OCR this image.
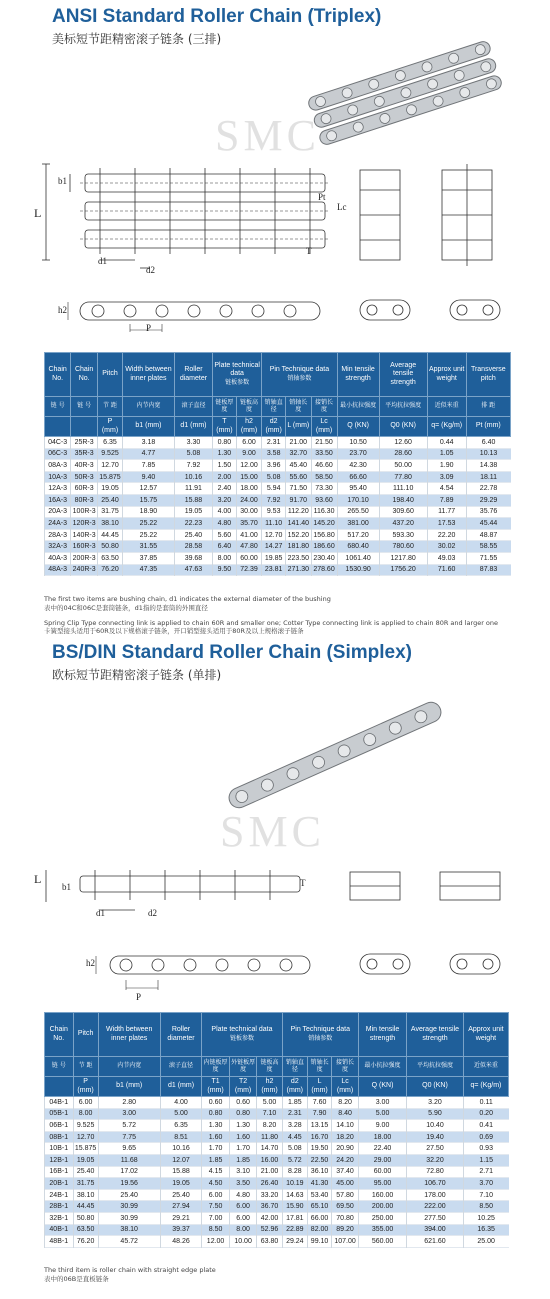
ANSI Standard Roller Chain (Triplex)
美标短节距精密滚子链条 (三排)
SMC
L
b1
d1
d2
Pt
T
Lc
h2
P
Chain No.	Chain No.	Pitch	Width between inner plates	Roller diameter	Plate technical data
链板参数		Pin Technique data
销轴参数			Min tensile strength	Average tensile strength	Approx unit weight	Transverse pitch
链 号	链 号	节 距	内节内宽	滚子直径	链板厚度	链板高度	销轴直径	销轴长度	接销长度	最小抗拉强度	平均抗拉强度	近似米重	排 距
		P (mm)	b1 (mm)	d1 (mm)	T (mm)	h2 (mm)	d2 (mm)	L (mm)	Lc (mm)	Q (KN)	Q0 (KN)	q= (Kg/m)	Pt (mm)
04C-3	25R-3	6.35	3.18	3.30	0.80	6.00	2.31	21.00	21.50	10.50	12.60	0.44	6.40
06C-3	35R-3	9.525	4.77	5.08	1.30	9.00	3.58	32.70	33.50	23.70	28.60	1.05	10.13
08A-3	40R-3	12.70	7.85	7.92	1.50	12.00	3.96	45.40	46.60	42.30	50.00	1.90	14.38
10A-3	50R-3	15.875	9.40	10.16	2.00	15.00	5.08	55.60	58.50	66.60	77.80	3.09	18.11
12A-3	60R-3	19.05	12.57	11.91	2.40	18.00	5.94	71.50	73.30	95.40	111.10	4.54	22.78
16A-3	80R-3	25.40	15.75	15.88	3.20	24.00	7.92	91.70	93.60	170.10	198.40	7.89	29.29
20A-3	100R-3	31.75	18.90	19.05	4.00	30.00	9.53	112.20	116.30	265.50	309.60	11.77	35.76
24A-3	120R-3	38.10	25.22	22.23	4.80	35.70	11.10	141.40	145.20	381.00	437.20	17.53	45.44
28A-3	140R-3	44.45	25.22	25.40	5.60	41.00	12.70	152.20	156.80	517.20	593.30	22.20	48.87
32A-3	160R-3	50.80	31.55	28.58	6.40	47.80	14.27	181.80	186.60	680.40	780.60	30.02	58.55
40A-3	200R-3	63.50	37.85	39.68	8.00	60.00	19.85	223.50	230.40	1061.40	1217.80	49.03	71.55
48A-3	240R-3	76.20	47.35	47.63	9.50	72.39	23.81	271.30	278.60	1530.90	1756.20	71.60	87.83
The first two items are bushing chain, d1 indicates the external diameter of the bushing
表中的04C和06C是套筒链条，d1指的是套筒的外围直径
Spring Clip Type connecting link is applied to chain 60R and smaller one; Cotter Type connecting link is applied to chain 80R and larger one
卡簧型接头适用于60R及以下规格滚子链条，开口销型接头适用于80R及以上规格滚子链条
BS/DIN Standard Roller Chain (Simplex)
欧标短节距精密滚子链条 (单排)
SMC
L
b1
d1	d2
T
h2
P
Chain No.	Pitch	Width between inner plates	Roller diameter	Plate technical data
链板参数			Pin Technique data
销轴参数			Min tensile strength	Average tensile strength	Approx unit weight
链 号	节 距	内节内宽	滚子直径	内链板厚度	外链板厚度	链板高度	销轴直径	销轴长度	接销长度	最小抗拉强度	平均抗拉强度	近似米重
	P (mm)	b1 (mm)	d1 (mm)	T1 (mm)	T2 (mm)	h2 (mm)	d2 (mm)	L (mm)	Lc (mm)	Q (KN)	Q0 (KN)	q= (Kg/m)
04B-1	6.00	2.80	4.00	0.60	0.60	5.00	1.85	7.60	8.20	3.00	3.20	0.11
05B-1	8.00	3.00	5.00	0.80	0.80	7.10	2.31	7.90	8.40	5.00	5.90	0.20
06B-1	9.525	5.72	6.35	1.30	1.30	8.20	3.28	13.15	14.10	9.00	10.40	0.41
08B-1	12.70	7.75	8.51	1.60	1.60	11.80	4.45	16.70	18.20	18.00	19.40	0.69
10B-1	15.875	9.65	10.16	1.70	1.70	14.70	5.08	19.50	20.90	22.40	27.50	0.93
12B-1	19.05	11.68	12.07	1.85	1.85	16.00	5.72	22.50	24.20	29.00	32.20	1.15
16B-1	25.40	17.02	15.88	4.15	3.10	21.00	8.28	36.10	37.40	60.00	72.80	2.71
20B-1	31.75	19.56	19.05	4.50	3.50	26.40	10.19	41.30	45.00	95.00	106.70	3.70
24B-1	38.10	25.40	25.40	6.00	4.80	33.20	14.63	53.40	57.80	160.00	178.00	7.10
28B-1	44.45	30.99	27.94	7.50	6.00	36.70	15.90	65.10	69.50	200.00	222.00	8.50
32B-1	50.80	30.99	29.21	7.00	6.00	42.00	17.81	66.00	70.80	250.00	277.50	10.25
40B-1	63.50	38.10	39.37	8.50	8.00	52.96	22.89	82.00	89.20	355.00	394.00	16.35
48B-1	76.20	45.72	48.26	12.00	10.00	63.80	29.24	99.10	107.00	560.00	621.60	25.00
The third item is roller chain with straight edge plate
表中的06B是直板链条
